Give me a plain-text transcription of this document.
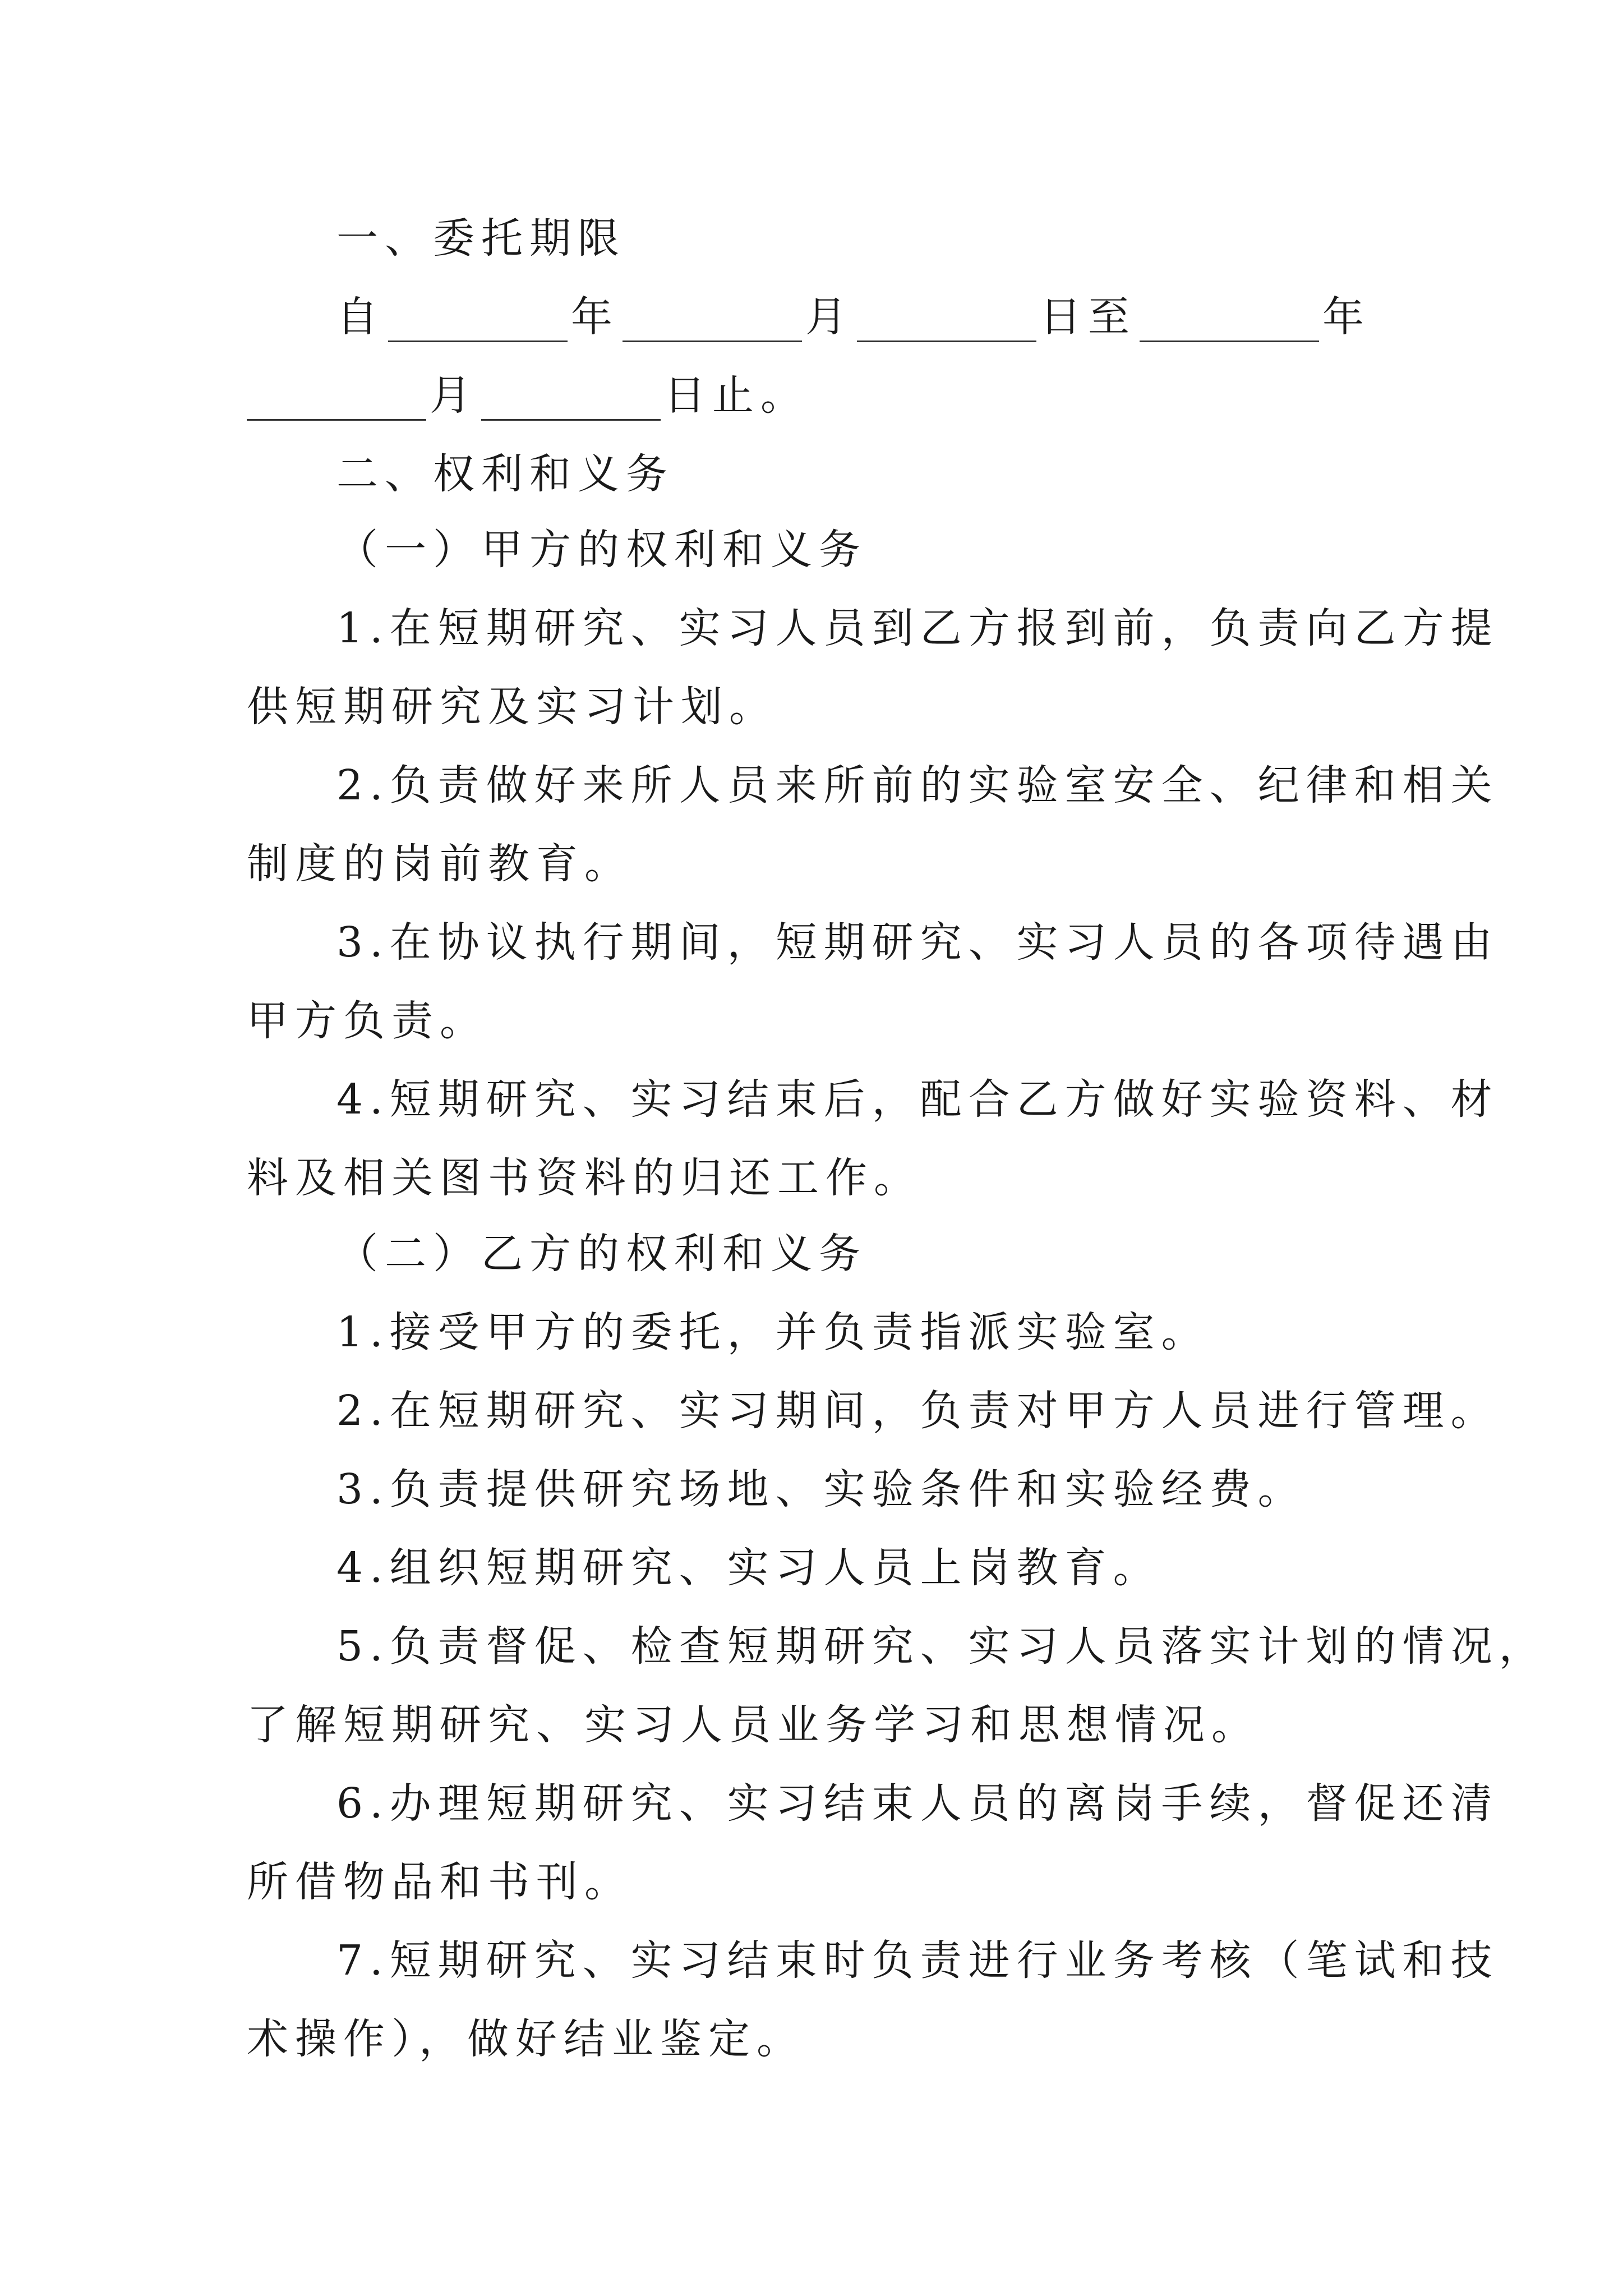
一、委托期限
自	年	月	日至	年
月	日止。
二、权利和义务
（一）甲方的权利和义务
1.在短期研究、实习人员到乙方报到前，负责向乙方提
供短期研究及实习计划。
2.负责做好来所人员来所前的实验室安全、纪律和相关
制度的岗前教育。
3.在协议执行期间，短期研究、实习人员的各项待遇由
甲方负责。
4.短期研究、实习结束后，配合乙方做好实验资料、材
料及相关图书资料的归还工作。
（二）乙方的权利和义务
1.接受甲方的委托，并负责指派实验室。
2.在短期研究、实习期间，负责对甲方人员进行管理。
3.负责提供研究场地、实验条件和实验经费。
4.组织短期研究、实习人员上岗教育。
5.负责督促、检查短期研究、实习人员落实计划的情况，
了解短期研究、实习人员业务学习和思想情况。
6.办理短期研究、实习结束人员的离岗手续，督促还清
所借物品和书刊。
7.短期研究、实习结束时负责进行业务考核（笔试和技
术操作），做好结业鉴定。
